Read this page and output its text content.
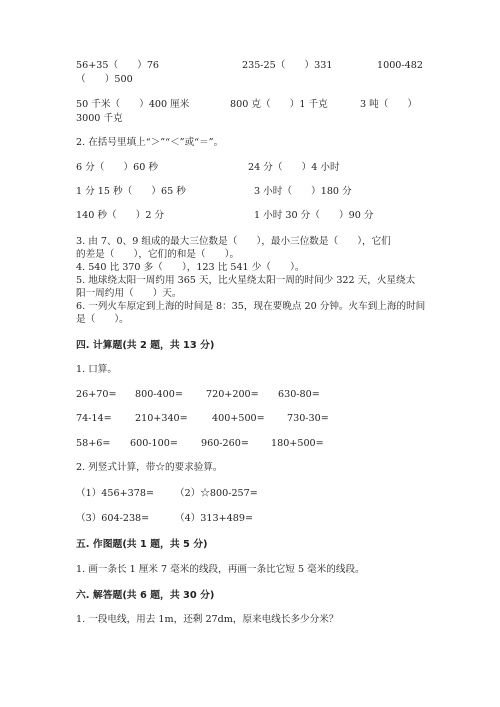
56+35（　　）76	235-25（　　）331	1000-482
（　　）500
50 千米（　　）400 厘米	800 克（　　）1 千克	3 吨（　　）
3000 千克
2. 在括号里填上“＞”“＜”或“＝”。
6 分（　　）60 秒	24 分（　　）4 小时
1 分 15 秒（　　）65 秒	3 小时（　　）180 分
140 秒（　　）2 分	1 小时 30 分（　　）90 分
3. 由 7、0、9 组成的最大三位数是（　　），最小三位数是（　　），它们
的差是（　　），它们的和是（　　）。
4. 540 比 370 多（　　），123 比 541 少（　　）。
5. 地球绕太阳一周约用 365 天，比火星绕太阳一周的时间少 322 天，火星绕太
阳一周约用（　　）天。
6. 一列火车原定到上海的时间是 8：35，现在要晚点 20 分钟。火车到上海的时间
是（　　）。
四. 计算题(共 2 题，共 13 分)
1. 口算。
26+70= 800-400= 720+200= 630-80=
74-14= 210+340=	400+500= 730-30=
58+6= 600-100= 960-260= 180+500=
2. 列竖式计算，带☆的要求验算。
（1）456+378= （2）☆800-257=
（3）604-238=	（4）313+489=
五. 作图题(共 1 题，共 5 分)
1. 画一条长 1 厘米 7 毫米的线段，再画一条比它短 5 毫米的线段。
六. 解答题(共 6 题，共 30 分)
1. 一段电线，用去 1m，还剩 27dm，原来电线长多少分米？
